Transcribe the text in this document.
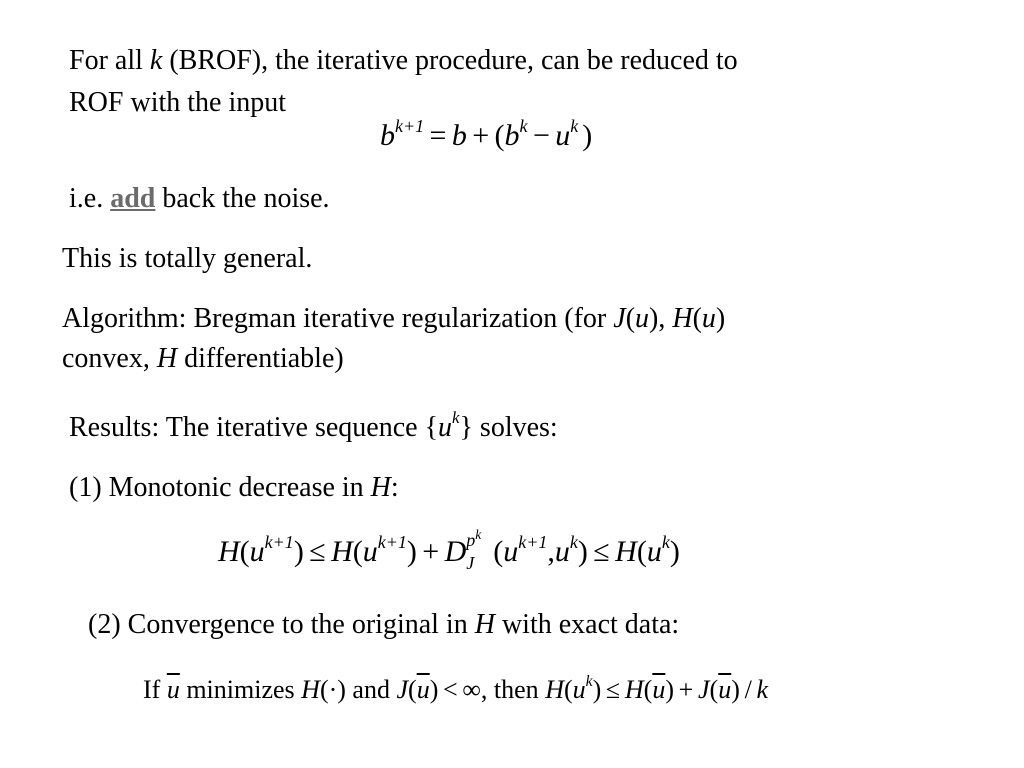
For all k (BROF), the iterative procedure, can be reduced to
ROF with the input
$b^{k+1} = b + (b^k - u^k$ )
i.e. add back the noise.
This is totally general.
Algorithm: Bregman iterative regularization (for J(u), H(u)
convex, H differentiable)
Results: The iterative sequence $\{u^k\}$ solves:
(1) Monotonic decrease in H:
$H(u^{k+1}) \le H(u^{k+1}) + D$ $p^k$
J $(u^{k+1},u^k) \le H(u^k)$
(2) Convergence to the original in H with exact data:
If $\overline{u}$ minimizes H(·) and $J(\overline{u})$ < ∞, then $H(u^k) \le H(\overline{u}) + J(\overline{u}) / k$
